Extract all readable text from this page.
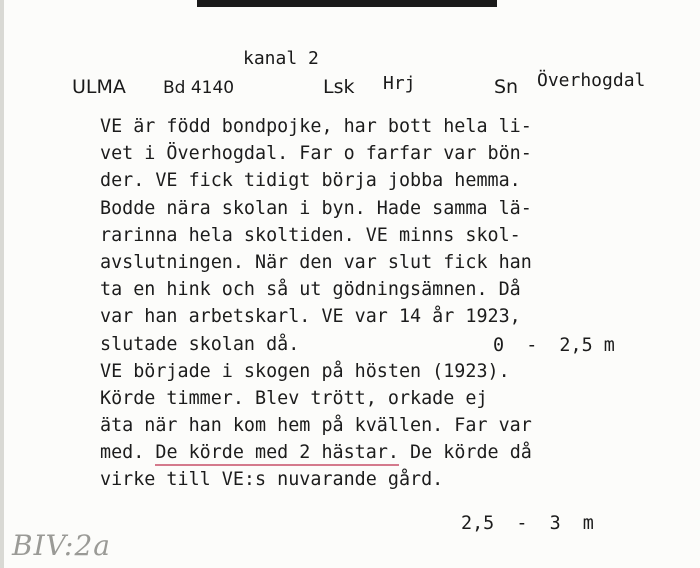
kanal 2
ULMA Bd 4140	Lsk Hrj	Sn Överhogdal
VE är född bondpojke, har bott hela li-
vet i Överhogdal. Far o farfar var bön-
der. VE fick tidigt börja jobba hemma.
Bodde nära skolan i byn. Hade samma lä-
rarinna hela skoltiden. VE minns skol-
avslutningen. När den var slut fick han
ta en hink och så ut gödningsämnen. Då
var han arbetskarl. VE var 14 år 1923,
slutade skolan då.
VE började i skogen på hösten (1923).
Körde timmer. Blev trött, orkade ej
äta när han kom hem på kvällen. Far var
med. De körde med 2 hästar. De körde då
virke till VE:s nuvarande gård.
0  -  2,5 m
2,5  -  3  m
BIV:2a
